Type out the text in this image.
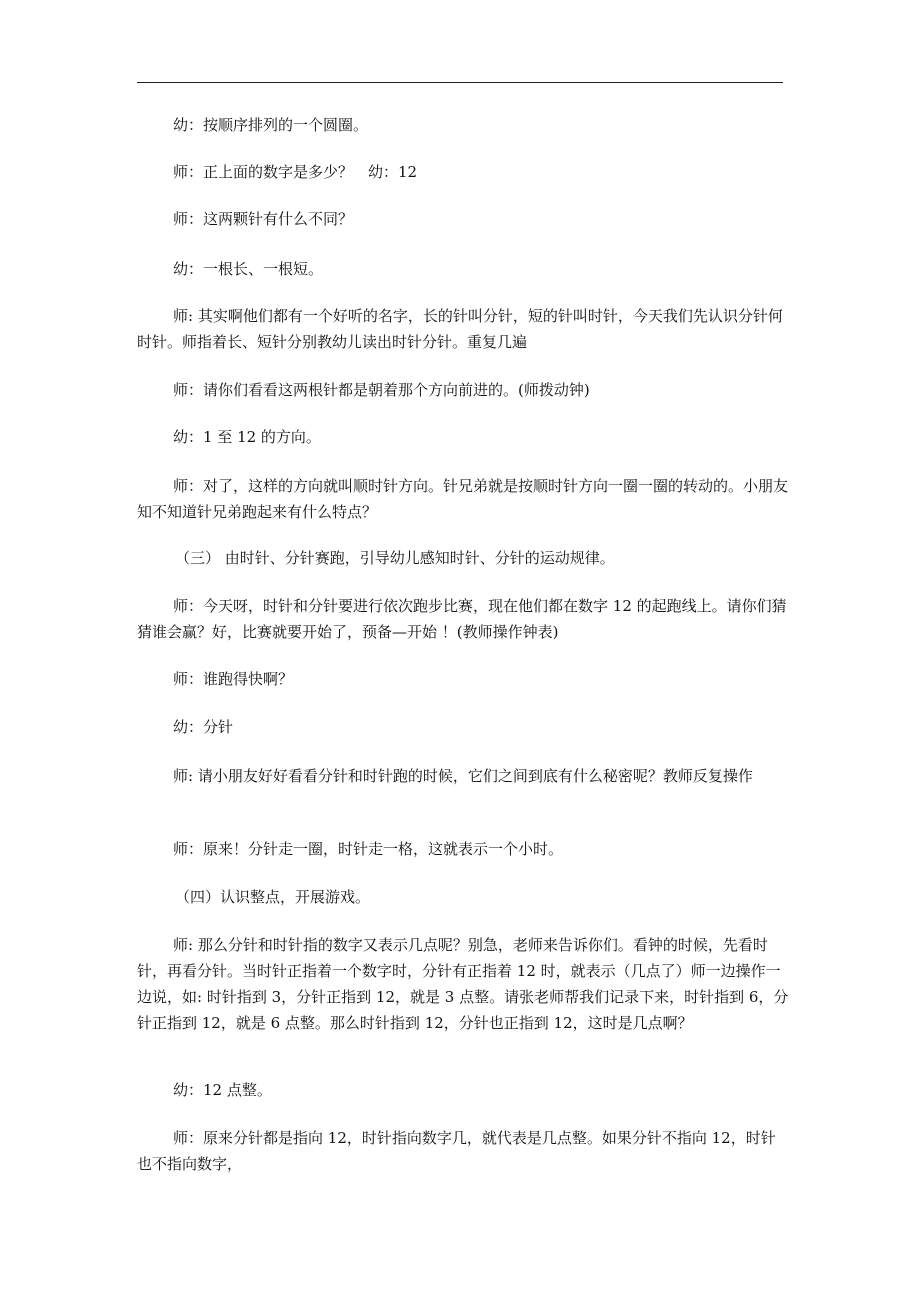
幼：按顺序排列的一个圆圈。

师：正上面的数字是多少？　幼：12

师：这两颗针有什么不同？

幼：一根长、一根短。

师: 其实啊他们都有一个好听的名字，长的针叫分针，短的针叫时针，今天我们先认识分针何时针。师指着长、短针分别教幼儿读出时针分针。重复几遍

师：请你们看看这两根针都是朝着那个方向前进的。(师拨动钟)

幼：1 至 12 的方向。

师：对了，这样的方向就叫顺时针方向。针兄弟就是按顺时针方向一圈一圈的转动的。小朋友知不知道针兄弟跑起来有什么特点？

（三） 由时针、分针赛跑，引导幼儿感知时针、分针的运动规律。

师：今天呀，时针和分针要进行依次跑步比赛，现在他们都在数字 12 的起跑线上。请你们猜猜谁会赢？好，比赛就要开始了，预备—开始 ！(教师操作钟表)

师：谁跑得快啊？

幼：分针

师: 请小朋友好好看看分针和时针跑的时候，它们之间到底有什么秘密呢？教师反复操作

师：原来！分针走一圈，时针走一格，这就表示一个小时。

（四）认识整点，开展游戏。

师: 那么分针和时针指的数字又表示几点呢？别急，老师来告诉你们。看钟的时候，先看时针，再看分针。当时针正指着一个数字时，分针有正指着 12 时，就表示（几点了）师一边操作一边说，如: 时针指到 3，分针正指到 12，就是 3 点整。请张老师帮我们记录下来，时针指到 6，分针正指到 12，就是 6 点整。那么时针指到 12，分针也正指到 12，这时是几点啊？

幼：12 点整。

师：原来分针都是指向 12，时针指向数字几，就代表是几点整。如果分针不指向 12，时针也不指向数字，
